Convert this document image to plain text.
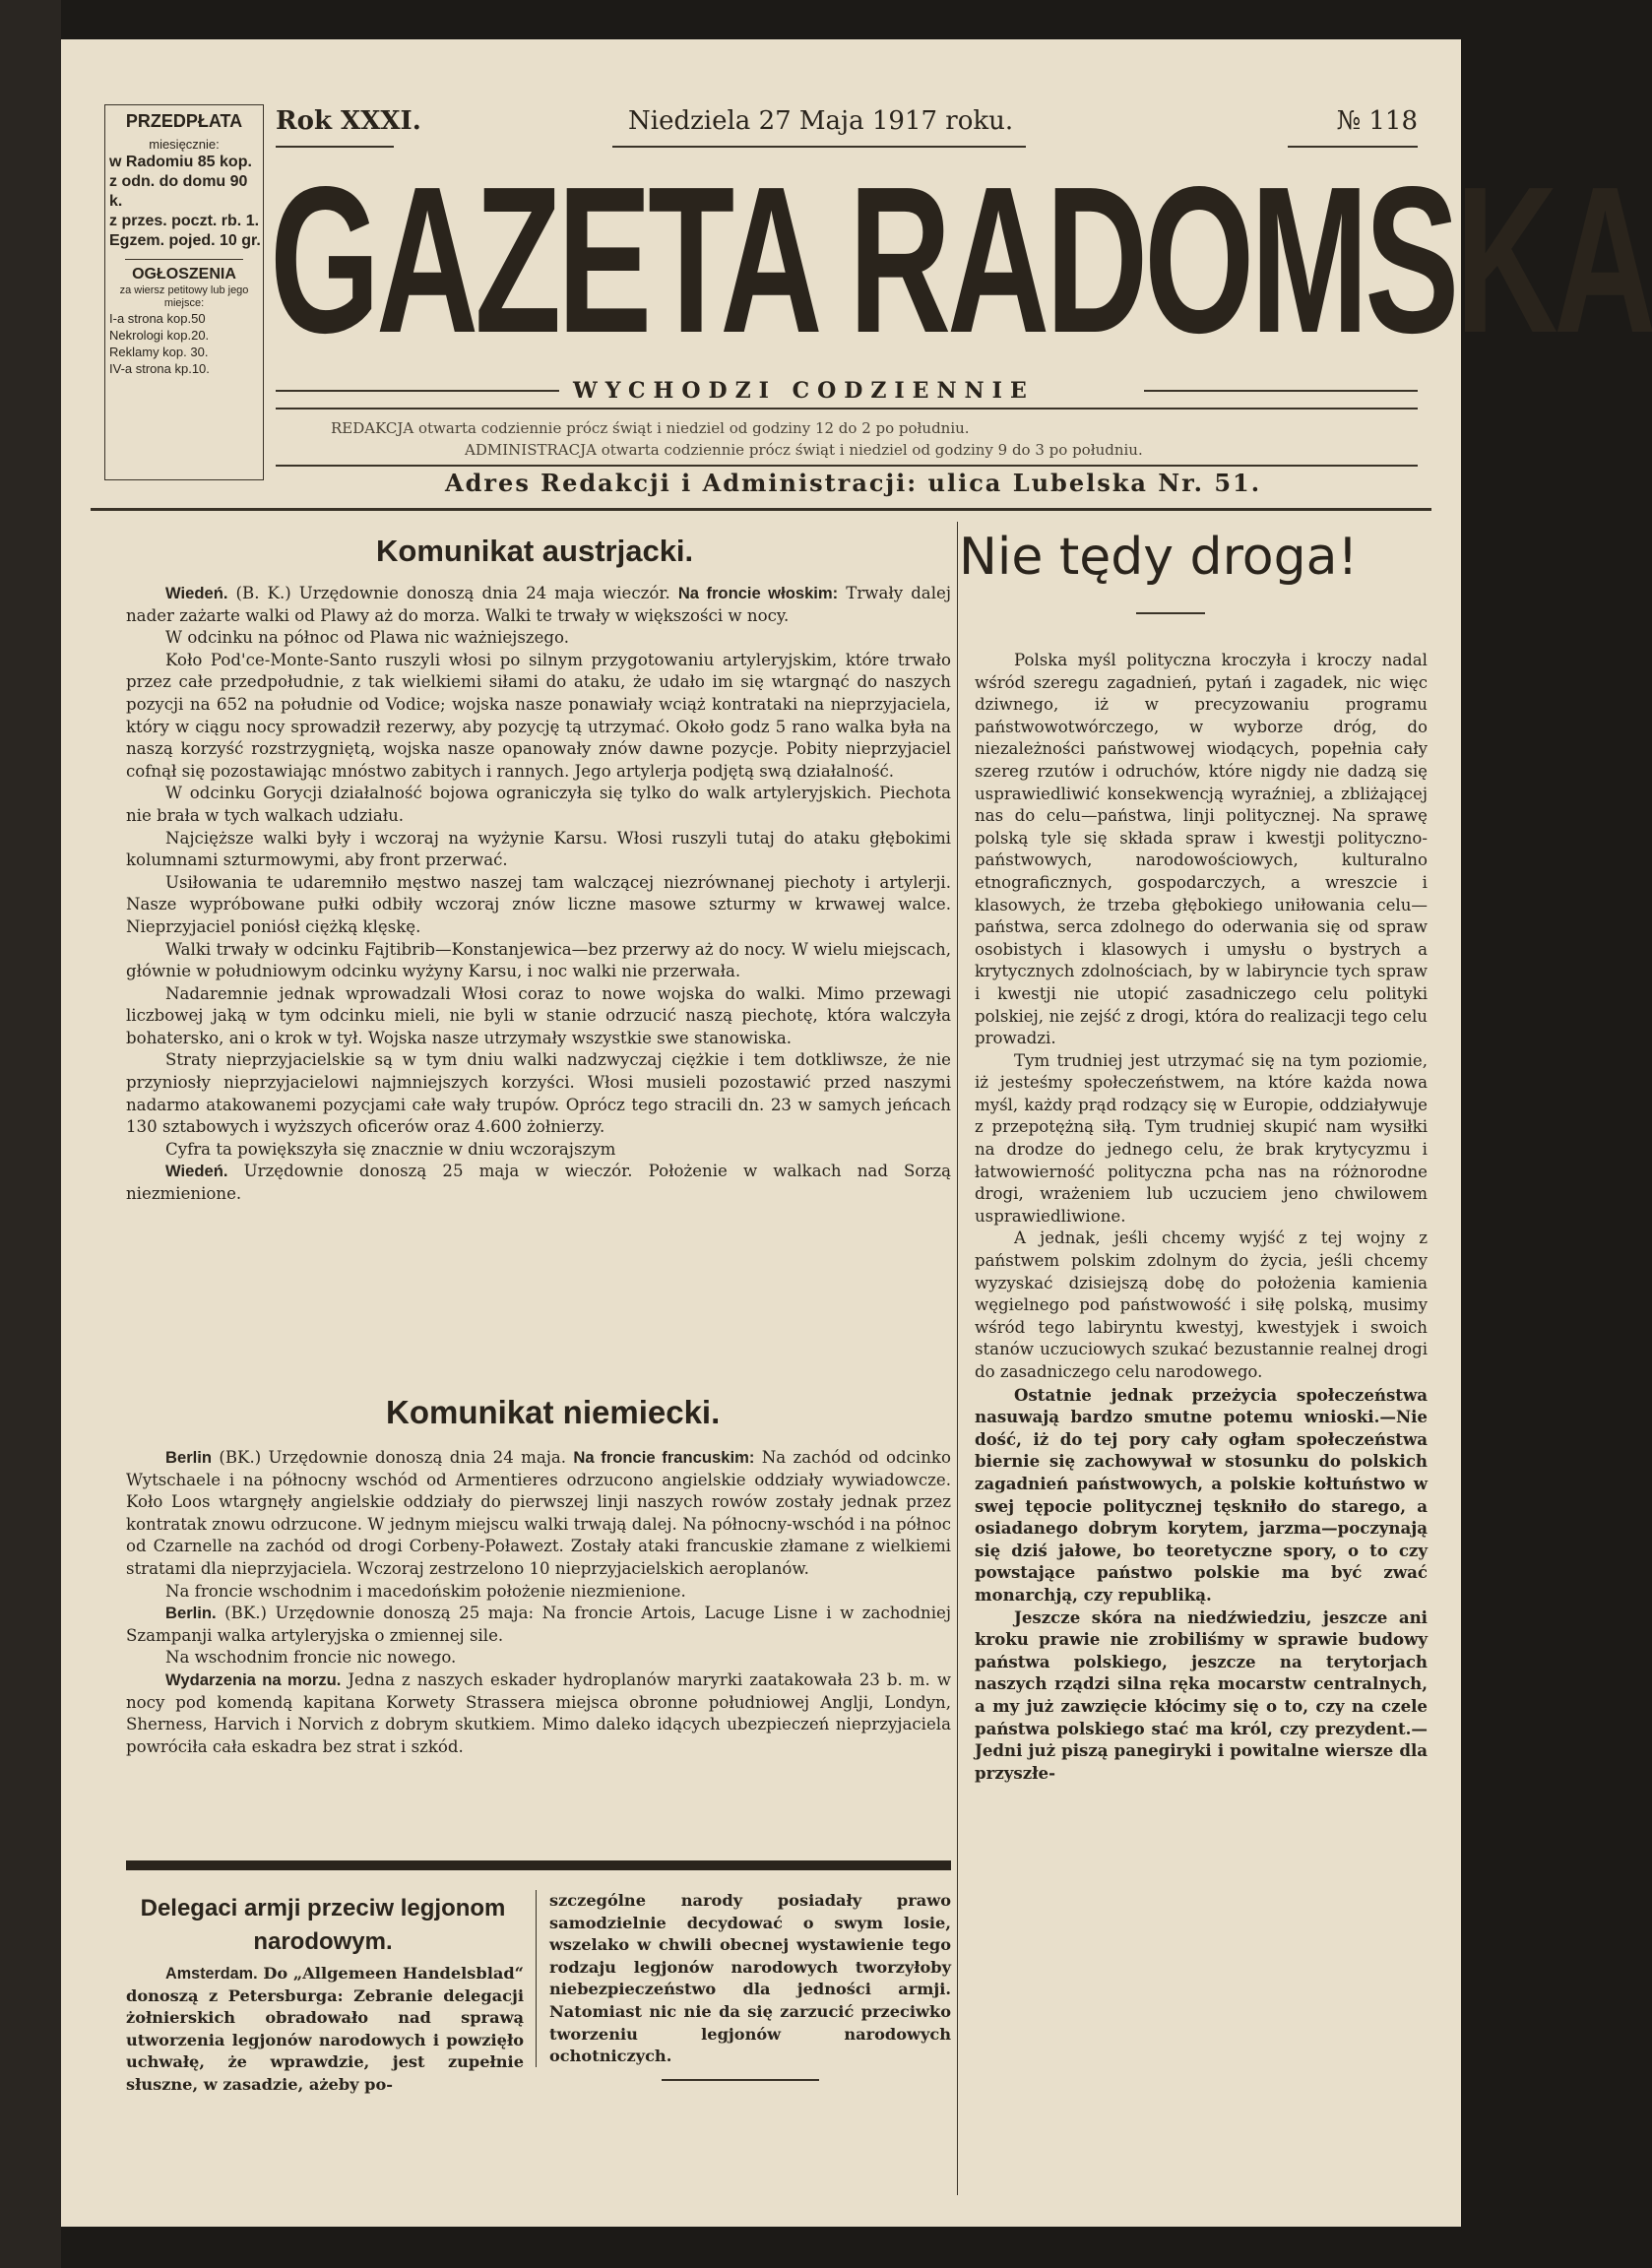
PRZEDPŁATA
miesięcznie:
w Radomiu 85 kop.
z odn. do domu 90 k.
z przes. poczt. rb. 1.
Egzem. pojed. 10 gr.
OGŁOSZENIA
za wiersz petitowy lub jego miejsce:
I-a strona kop.50
Nekrologi kop.20.
Reklamy kop. 30.
IV-a strona kp.10.
Rok XXXI.	Niedziela 27 Maja 1917 roku.	№ 118
GAZETA RADOMSKA
WYCHODZI CODZIENNIE
REDAKCJA otwarta codziennie prócz świąt i niedziel od godziny 12 do 2 po południu.
ADMINISTRACJA otwarta codziennie prócz świąt i niedziel od godziny 9 do 3 po południu.
Adres Redakcji i Administracji: ulica Lubelska Nr. 51.
Komunikat austrjacki.

Wiedeń. (B. K.) Urzędownie donoszą dnia 24 maja wieczór. Na froncie włoskim: Trwały dalej nader zażarte walki od Plawy aż do morza. Walki te trwały w większości w nocy.

W odcinku na północ od Plawa nic ważniejszego.

Koło Pod'ce-Monte-Santo ruszyli włosi po silnym przygotowaniu artyleryjskim, które trwało przez całe przedpołudnie, z tak wielkiemi siłami do ataku, że udało im się wtargnąć do naszych pozycji na 652 na południe od Vodice; wojska nasze ponawiały wciąż kontrataki na nieprzyjaciela, który w ciągu nocy sprowadził rezerwy, aby pozycję tą utrzymać. Około godz 5 rano walka była na naszą korzyść rozstrzygniętą, wojska nasze opanowały znów dawne pozycje. Pobity nieprzyjaciel cofnął się pozostawiając mnóstwo zabitych i rannych. Jego artylerja podjętą swą działalność.

W odcinku Gorycji działalność bojowa ograniczyła się tylko do walk artyleryjskich. Piechota nie brała w tych walkach udziału.

Najcięższe walki były i wczoraj na wyżynie Karsu. Włosi ruszyli tutaj do ataku głębokimi kolumnami szturmowymi, aby front przerwać.

Usiłowania te udaremniło męstwo naszej tam walczącej niezrównanej piechoty i artylerji. Nasze wypróbowane pułki odbiły wczoraj znów liczne masowe szturmy w krwawej walce. Nieprzyjaciel poniósł ciężką klęskę.

Walki trwały w odcinku Fajtibrib—Konstanjewica—bez przerwy aż do nocy. W wielu miejscach, głównie w południowym odcinku wyżyny Karsu, i noc walki nie przerwała.

Nadaremnie jednak wprowadzali Włosi coraz to nowe wojska do walki. Mimo przewagi liczbowej jaką w tym odcinku mieli, nie byli w stanie odrzucić naszą piechotę, która walczyła bohatersko, ani o krok w tył. Wojska nasze utrzymały wszystkie swe stanowiska.

Straty nieprzyjacielskie są w tym dniu walki nadzwyczaj ciężkie i tem dotkliwsze, że nie przyniosły nieprzyjacielowi najmniejszych korzyści. Włosi musieli pozostawić przed naszymi nadarmo atakowanemi pozycjami całe wały trupów. Oprócz tego stracili dn. 23 w samych jeńcach 130 sztabowych i wyższych oficerów oraz 4.600 żołnierzy.

Cyfra ta powiększyła się znacznie w dniu wczorajszym

Wiedeń. Urzędownie donoszą 25 maja w wieczór. Położenie w walkach nad Sorzą niezmienione.

Komunikat niemiecki.

Berlin (BK.) Urzędownie donoszą dnia 24 maja. Na froncie francuskim: Na zachód od odcinko Wytschaele i na północny wschód od Armentieres odrzucono angielskie oddziały wywiadowcze. Koło Loos wtargnęły angielskie oddziały do pierwszej linji naszych rowów zostały jednak przez kontratak znowu odrzucone. W jednym miejscu walki trwają dalej. Na północny-wschód i na północ od Czarnelle na zachód od drogi Corbeny-Poławezt. Zostały ataki francuskie złamane z wielkiemi stratami dla nieprzyjaciela. Wczoraj zestrzelono 10 nieprzyjacielskich aeroplanów.

Na froncie wschodnim i macedońskim położenie niezmienione.

Berlin. (BK.) Urzędownie donoszą 25 maja: Na froncie Artois, Lacuge Lisne i w zachodniej Szampanji walka artyleryjska o zmiennej sile.

Na wschodnim froncie nic nowego.

Wydarzenia na morzu. Jedna z naszych eskader hydroplanów maryrki zaatakowała 23 b. m. w nocy pod komendą kapitana Korwety Strassera miejsca obronne południowej Anglji, Londyn, Sherness, Harvich i Norvich z dobrym skutkiem. Mimo daleko idących ubezpieczeń nieprzyjaciela powróciła cała eskadra bez strat i szkód.

Delegaci armji przeciw legjonom narodowym.

Amsterdam. Do „Allgemeen Handelsblad“ donoszą z Petersburga: Zebranie delegacji żołnierskich obradowało nad sprawą utworzenia legjonów narodowych i powzięło uchwałę, że wprawdzie, jest zupełnie słuszne, w zasadzie, ażeby po-

szczególne narody posiadały prawo samodzielnie decydować o swym losie, wszelako w chwili obecnej wystawienie tego rodzaju legjonów narodowych tworzyłoby niebezpieczeństwo dla jedności armji. Natomiast nic nie da się zarzucić przeciwko tworzeniu legjonów narodowych ochotniczych.

Nie tędy droga!

Polska myśl polityczna kroczyła i kroczy nadal wśród szeregu zagadnień, pytań i zagadek, nic więc dziwnego, iż w precyzowaniu programu państwowotwórczego, w wyborze dróg, do niezależności państwowej wiodących, popełnia cały szereg rzutów i odruchów, które nigdy nie dadzą się usprawiedliwić konsekwencją wyraźniej, a zbliżającej nas do celu—państwa, linji politycznej. Na sprawę polską tyle się składa spraw i kwestji polityczno-państwowych, narodowościowych, kulturalno etnograficznych, gospodarczych, a wreszcie i klasowych, że trzeba głębokiego uniłowania celu—państwa, serca zdolnego do oderwania się od spraw osobistych i klasowych i umysłu o bystrych a krytycznych zdolnościach, by w labiryncie tych spraw i kwestji nie utopić zasadniczego celu polityki polskiej, nie zejść z drogi, która do realizacji tego celu prowadzi.

Tym trudniej jest utrzymać się na tym poziomie, iż jesteśmy społeczeństwem, na które każda nowa myśl, każdy prąd rodzący się w Europie, oddziaływuje z przepotężną siłą. Tym trudniej skupić nam wysiłki na drodze do jednego celu, że brak krytycyzmu i łatwowierność polityczna pcha nas na różnorodne drogi, wrażeniem lub uczuciem jeno chwilowem usprawiedliwione.

A jednak, jeśli chcemy wyjść z tej wojny z państwem polskim zdolnym do życia, jeśli chcemy wyzyskać dzisiejszą dobę do położenia kamienia węgielnego pod państwowość i siłę polską, musimy wśród tego labiryntu kwestyj, kwestyjek i swoich stanów uczuciowych szukać bezustannie realnej drogi do zasadniczego celu narodowego.

Ostatnie jednak przeżycia społeczeństwa nasuwają bardzo smutne potemu wnioski.—Nie dość, iż do tej pory cały ogłam społeczeństwa biernie się zachowywał w stosunku do polskich zagadnień państwowych, a polskie kołtuństwo w swej tępocie politycznej tęskniło do starego, a osiadanego dobrym korytem, jarzma—poczynają się dziś jałowe, bo teoretyczne spory, o to czy powstające państwo polskie ma być zwać monarchją, czy republiką.

Jeszcze skóra na niedźwiedziu, jeszcze ani kroku prawie nie zrobiliśmy w sprawie budowy państwa polskiego, jeszcze na terytorjach naszych rządzi silna ręka mocarstw centralnych, a my już zawzięcie kłócimy się o to, czy na czele państwa polskiego stać ma król, czy prezydent.—Jedni już piszą panegiryki i powitalne wiersze dla przyszłe-
